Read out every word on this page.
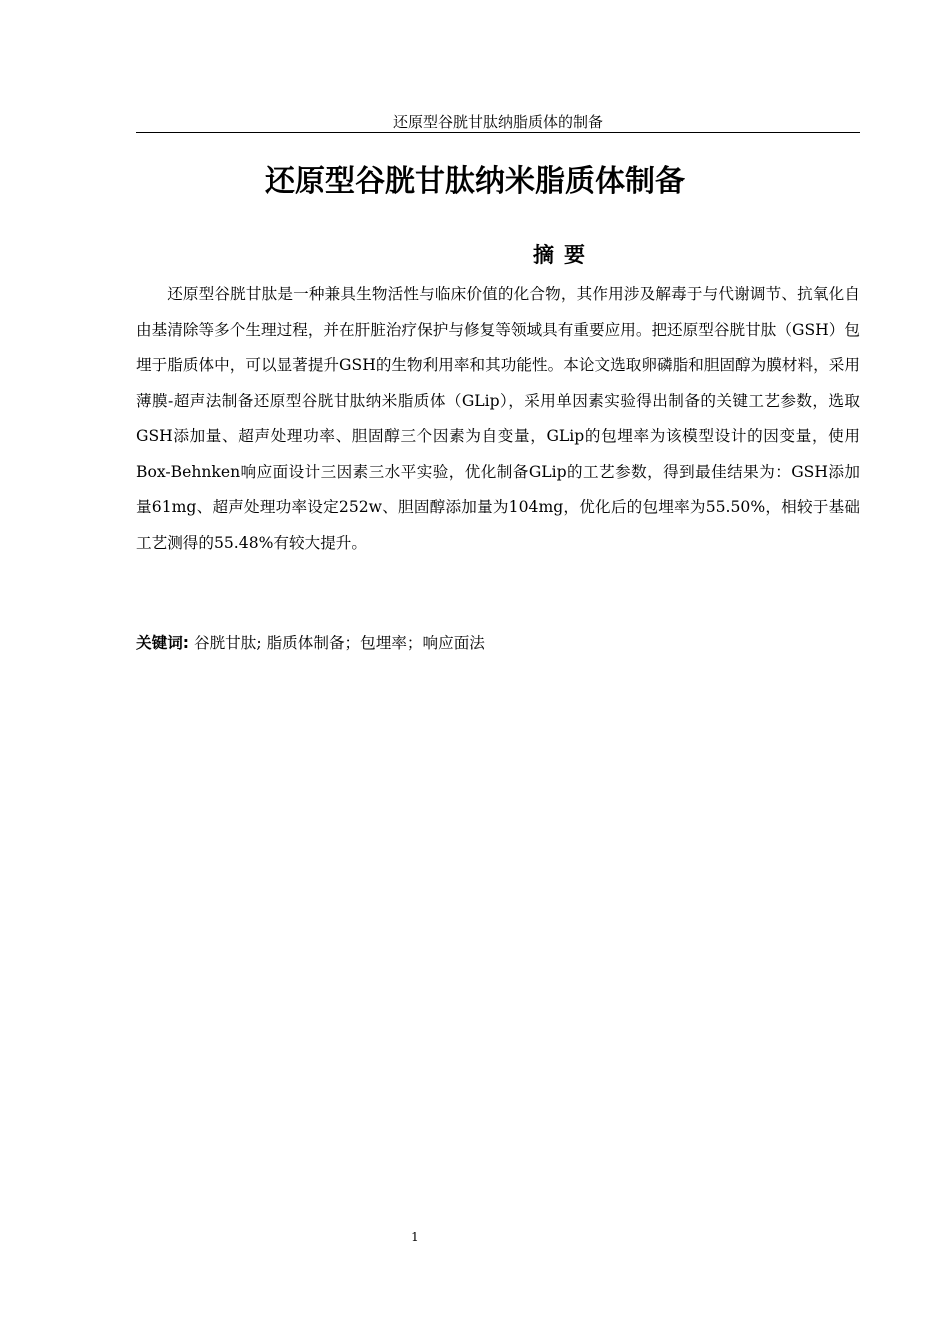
还原型谷胱甘肽纳脂质体的制备
还原型谷胱甘肽纳米脂质体制备
摘要

还原型谷胱甘肽是一种兼具生物活性与临床价值的化合物，其作用涉及解毒于与代谢调节、抗氧化自由基清除等多个生理过程，并在肝脏治疗保护与修复等领域具有重要应用。把还原型谷胱甘肽（GSH）包埋于脂质体中，可以显著提升GSH的生物利用率和其功能性。本论文选取卵磷脂和胆固醇为膜材料，采用薄膜-超声法制备还原型谷胱甘肽纳米脂质体（GLip），采用单因素实验得出制备的关键工艺参数，选取GSH添加量、超声处理功率、胆固醇三个因素为自变量，GLip的包埋率为该模型设计的因变量，使用Box-Behnken响应面设计三因素三水平实验，优化制备GLip的工艺参数，得到最佳结果为：GSH添加量61mg、超声处理功率设定252w、胆固醇添加量为104mg，优化后的包埋率为55.50%，相较于基础工艺测得的55.48%有较大提升。

关键词: 谷胱甘肽; 脂质体制备；包埋率；响应面法
1
